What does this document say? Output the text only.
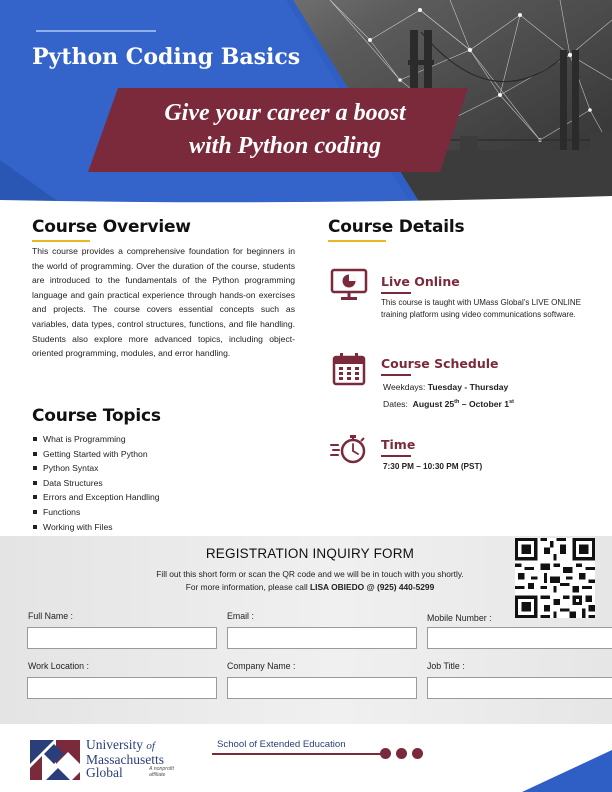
Python Coding Basics
Give your career a boost
with Python coding
Course Overview
This course provides a comprehensive foundation for beginners in the world of programming. Over the duration of the course, students are introduced to the fundamentals of the Python programming language and gain practical experience through hands-on exercises and projects. The course covers essential concepts such as variables, data types, control structures, functions, and file handling. Students also explore more advanced topics, including object-oriented programming, modules, and error handling.
Course Topics
What is Programming
Getting Started with Python
Python Syntax
Data Structures
Errors and Exception Handling
Functions
Working with Files
Course Details
Live Online
This course is taught with UMass Global’s LIVE ONLINE training platform using video communications software.
Course Schedule
Weekdays: Tuesday - Thursday
Dates: August 25th – October 1st
Time
7:30 PM – 10:30 PM (PST)
REGISTRATION INQUIRY FORM
Fill out this short form or scan the QR code and we will be in touch with you shortly.
For more information, please call LISA OBIEDO @ (925) 440-5299
Full Name :	Email :	Mobile Number :
Work Location :	Company Name :	Job Title :
University of
Massachusetts
Global	A nonprofit
affiliate
School of Extended Education
